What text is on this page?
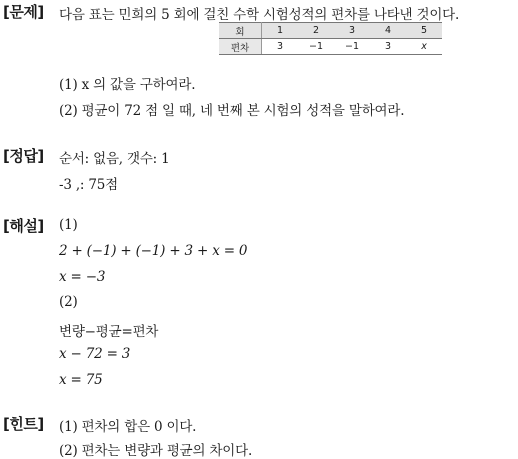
[문제] 다음 표는 민희의 5 회에 걸친 수학 시험성적의 편차를 나타낸 것이다.
회	1	2	3	4	5
편차	3	−1	−1	3	x
(1) x 의 값을 구하여라.
(2) 평균이 72 점 일 때, 네 번째 본 시험의 성적을 말하여라.
[정답] 순서: 없음, 갯수: 1
-3 ,: 75점
[해설] (1)
2 + (−1) + (−1) + 3 + x = 0
x = −3
(2)
변량−평균=편차
x − 72 = 3
x = 75
[힌트] (1) 편차의 합은 0 이다.
(2) 편차는 변량과 평균의 차이다.
